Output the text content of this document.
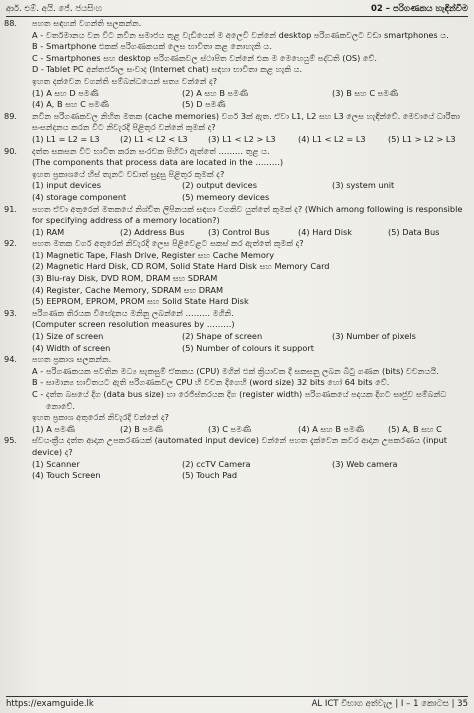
ආර්. එම්. අයි. ජේ. ජයසිංහ	02 – පරිගණකය හැඳින්වීම
88.	පහත සඳහන් වගන්ති සලකන්න.
A - වර්තමානය වන විට නවීන සමාජය තුළ වැඩියෙන් ම අලෙවි වන්නේ desktop පරිගණකවලට වඩා smartphones ය.
B - Smartphone එකක් පරිගණකයක් ලෙස භාවිතා කළ නොහැකි ය.
C - Smartphones සහ desktop පරිගණකවල ස්ථාපිත වන්නේ එක ම මෙහෙයුම් පද්ධති (OS) වේ.
D - Tablet PC අන්තර්ජාල සංවාද (Internet chat) සඳහා භාවිතා කළ හැකි ය.
ඉහත දක්වෙන වගන්ති සම්බන්ධයෙන් සත්‍ය වන්නේ ද?
(1) A සහ D පමණි	(2) A සහ B පමණි	(3) B සහ C පමණි
(4) A, B සහ C පමණි	(5) D පමණි
89.	නවීන පරිගණකවල නිහිත මතක (cache memories) වර්ග 3ක් ඇත. ඒවා L1, L2 සහ L3 ලෙස හැඳින්වේ. මෙවායේ ධාරිතා සංසන්දනය කරන විට නිවැරදි පිළිතුර වන්නේ කුමක් ද?
(1) L1 = L2 = L3	(2) L1 < L2 < L3	(3) L1 < L2 > L3	(4) L1 < L2 = L3	(5) L1 > L2 > L3
90.	දත්ත සකසන විට භාවිත කරන සංරචක පිහිටා ඇත්තේ ……… තුළ ය.
(The components that process data are located in the ………)
ඉහත ප්‍රකාශයේ හිස් තැනට වඩාත් සුදුසු පිළිතුර කුමක් ද?
(1) input devices	(2) output devices	(3) system unit
(4) storage component	(5) memeory devices
91.	පහත ඒවා අතුරෙන් මතකයේ නිශ්චිත ලිපිනයක් සඳහා වගකිව යුත්තේ කුමක් ද? (Which among following is responsible for specifying address of a memory location?)
(1) RAM	(2) Address Bus	(3) Control Bus	(4) Hard Disk	(5) Data Bus
92.	පහත මතක වර්ග අතුරෙන් නිවැරදි ලෙස පිළිවෙළට සකස් කර ඇත්තේ කුමක් ද?
(1) Magnetic Tape, Flash Drive, Register සහ Cache Memory
(2) Magnetic Hard Disk, CD ROM, Solid State Hard Disk සහ Memory Card
(3) Blu-ray Disk, DVD ROM, DRAM සහ SDRAM
(4) Register, Cache Memory, SDRAM සහ DRAM
(5) EEPROM, EPROM, PROM සහ Solid State Hard Disk
93.	පරිගණක තිරයක විභේදනය මනිනු ලබන්නේ ……… මගිනි.
(Computer screen resolution measures by ………)
(1) Size of screen	(2) Shape of screen	(3) Number of pixels
(4) Width of screen	(5) Number of colours it support
94.	පහත ප්‍රකාශ සලකන්න.
A - පරිගණකයක පවතින මධ්‍ය සැකසුම් ඒකකය (CPU) මගින් එක් ක්‍රියාවක දී සකසනු ලබන බිටු ගණන (bits) වචනයයි.
B - සාමාන්‍ය භාවිතයට ඇති පරිගණකවල CPU හි වචන දිගෙහි (word size) 32 bits හෝ 64 bits වේ.
C - දත්ත බසයේ දිග (data bus size) හා රෙජිස්තරයක දිග (register width) පරිගණකයේ පදයක දිගට සෘජුව සම්බන්ධ නොවේ.
ඉහත ප්‍රකාශ අතුරෙන් නිවැරදි වන්නේ ද?
(1) A පමණි	(2) B පමණි	(3) C පමණි	(4) A සහ B පමණි	(5) A, B සහ C
95.	ස්වයංක්‍රීය දත්ත ආදාන උපකරණයක් (automated input device) වන්නේ පහත දැක්වෙන කවර ආදාන උපකරණය (input device) ද?
(1) Scanner	(2) ccTV Camera	(3) Web camera
(4) Touch Screen	(5) Touch Pad
https://examguide.lk	AL ICT විභාග අත්වැල | I – 1 කොටස | 35
